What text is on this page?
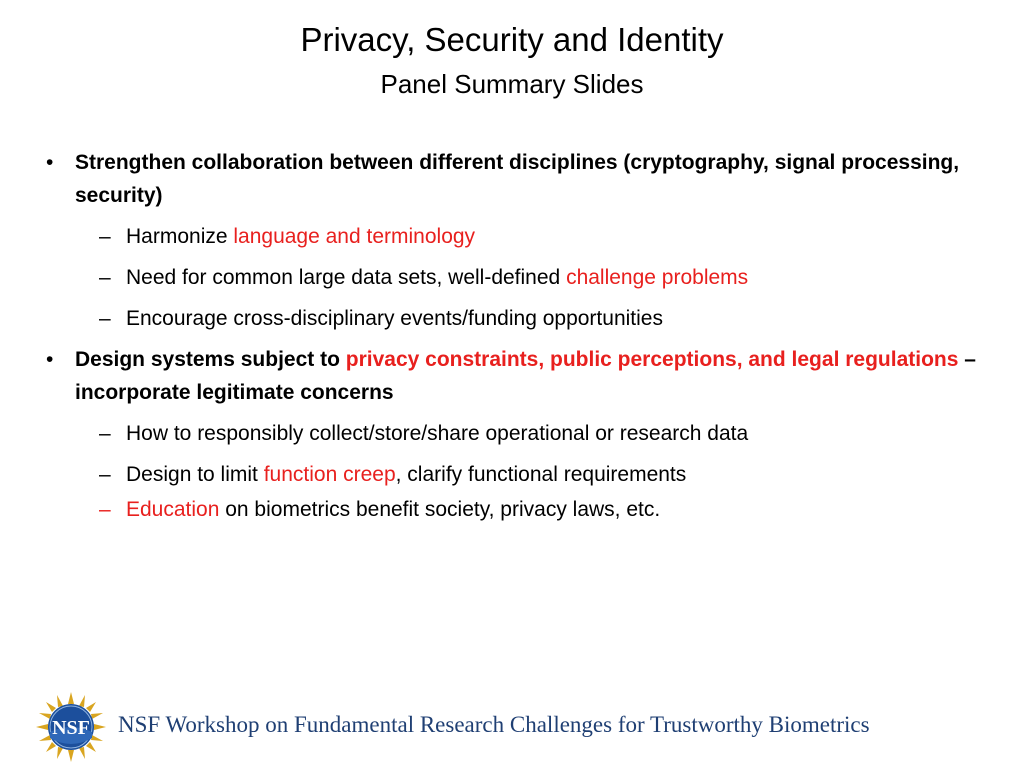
Privacy, Security and Identity
Panel Summary Slides
• Strengthen collaboration between different disciplines (cryptography, signal processing, security)
– Harmonize language and terminology
– Need for common large data sets, well-defined challenge problems
– Encourage cross-disciplinary events/funding opportunities
• Design systems subject to privacy constraints, public perceptions, and legal regulations – incorporate legitimate concerns
– How to responsibly collect/store/share operational or research data
– Design to limit function creep, clarify functional requirements
– Education on biometrics benefit society, privacy laws, etc.
NSF NSF Workshop on Fundamental Research Challenges for Trustworthy Biometrics
